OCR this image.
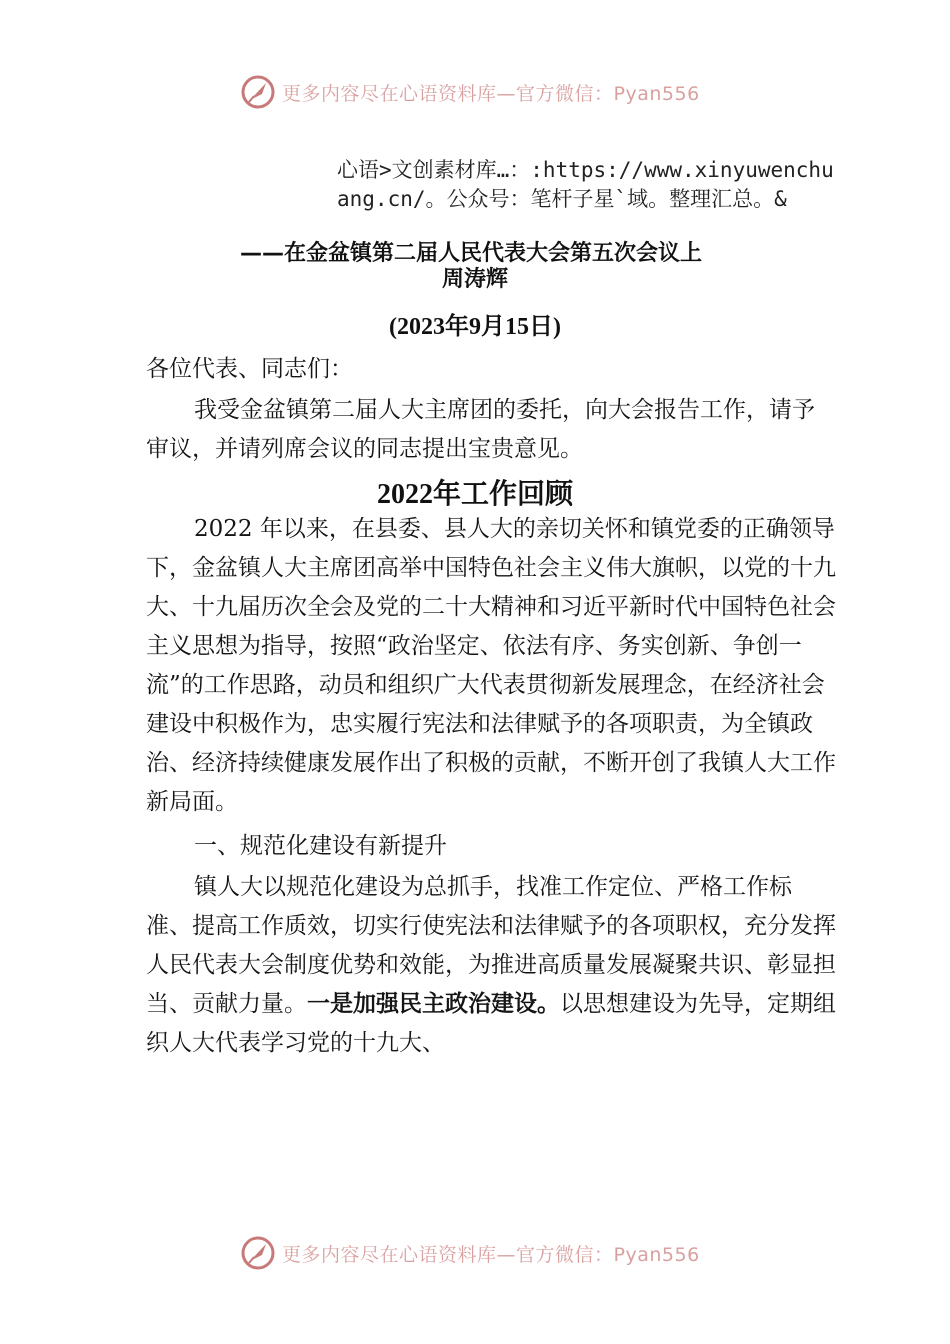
更多内容尽在心语资料库—官方微信：Pyan556
心语>文创素材库…：:https://www.xinyuwenchuang.cn/。公众号：笔杆子星`域。整理汇总。&
——在金盆镇第二届人民代表大会第五次会议上
周涛辉
(2023年9月15日)
各位代表、同志们：
我受金盆镇第二届人大主席团的委托，向大会报告工作，请予审议，并请列席会议的同志提出宝贵意见。
2022年工作回顾
2022 年以来，在县委、县人大的亲切关怀和镇党委的正确领导下，金盆镇人大主席团高举中国特色社会主义伟大旗帜，以党的十九大、十九届历次全会及党的二十大精神和习近平新时代中国特色社会主义思想为指导，按照“政治坚定、依法有序、务实创新、争创一流”的工作思路，动员和组织广大代表贯彻新发展理念，在经济社会建设中积极作为，忠实履行宪法和法律赋予的各项职责，为全镇政治、经济持续健康发展作出了积极的贡献，不断开创了我镇人大工作新局面。
一、规范化建设有新提升
镇人大以规范化建设为总抓手，找准工作定位、严格工作标准、提高工作质效，切实行使宪法和法律赋予的各项职权，充分发挥人民代表大会制度优势和效能，为推进高质量发展凝聚共识、彰显担当、贡献力量。一是加强民主政治建设。以思想建设为先导，定期组织人大代表学习党的十九大、
更多内容尽在心语资料库—官方微信：Pyan556
